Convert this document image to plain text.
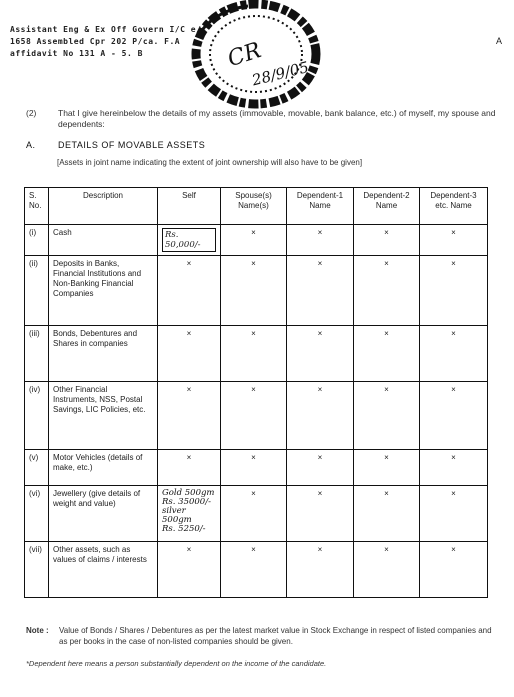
Assistant Eng & Ex Off Govern I/C e/s
1658 Assembled Cpr 202 P/ca. F.A
affidavit No 131 A - 5. B	CR
28/9/05
A
(2)	That I give hereinbelow the details of my assets (immovable, movable, bank balance, etc.) of myself, my spouse and dependents:
A. DETAILS OF MOVABLE ASSETS
[Assets in joint name indicating the extent of joint ownership will also have to be given]
S. No.	Description	Self	Spouse(s) Name(s)	Dependent-1 Name	Dependent-2 Name	Dependent-3 etc. Name
(i)	Cash	Rs. 50,000/-	×	×	×	×
(ii)	Deposits in Banks, Financial Institutions and Non-Banking Financial Companies	×	×	×	×	×
(iii)	Bonds, Debentures and Shares in companies	×	×	×	×	×
(iv)	Other Financial Instruments, NSS, Postal Savings, LIC Policies, etc.	×	×	×	×	×
(v)	Motor Vehicles (details of make, etc.)	×	×	×	×	×
(vi)	Jewellery (give details of weight and value)	Gold 500gm
Rs. 35000/-
silver 500gm
Rs. 5250/-	×	×	×	×
(vii)	Other assets, such as values of claims / interests	×	×	×	×	×
Note : Value of Bonds / Shares / Debentures as per the latest market value in Stock Exchange in respect of listed companies and as per books in the case of non-listed companies should be given.
*Dependent here means a person substantially dependent on the income of the candidate.
